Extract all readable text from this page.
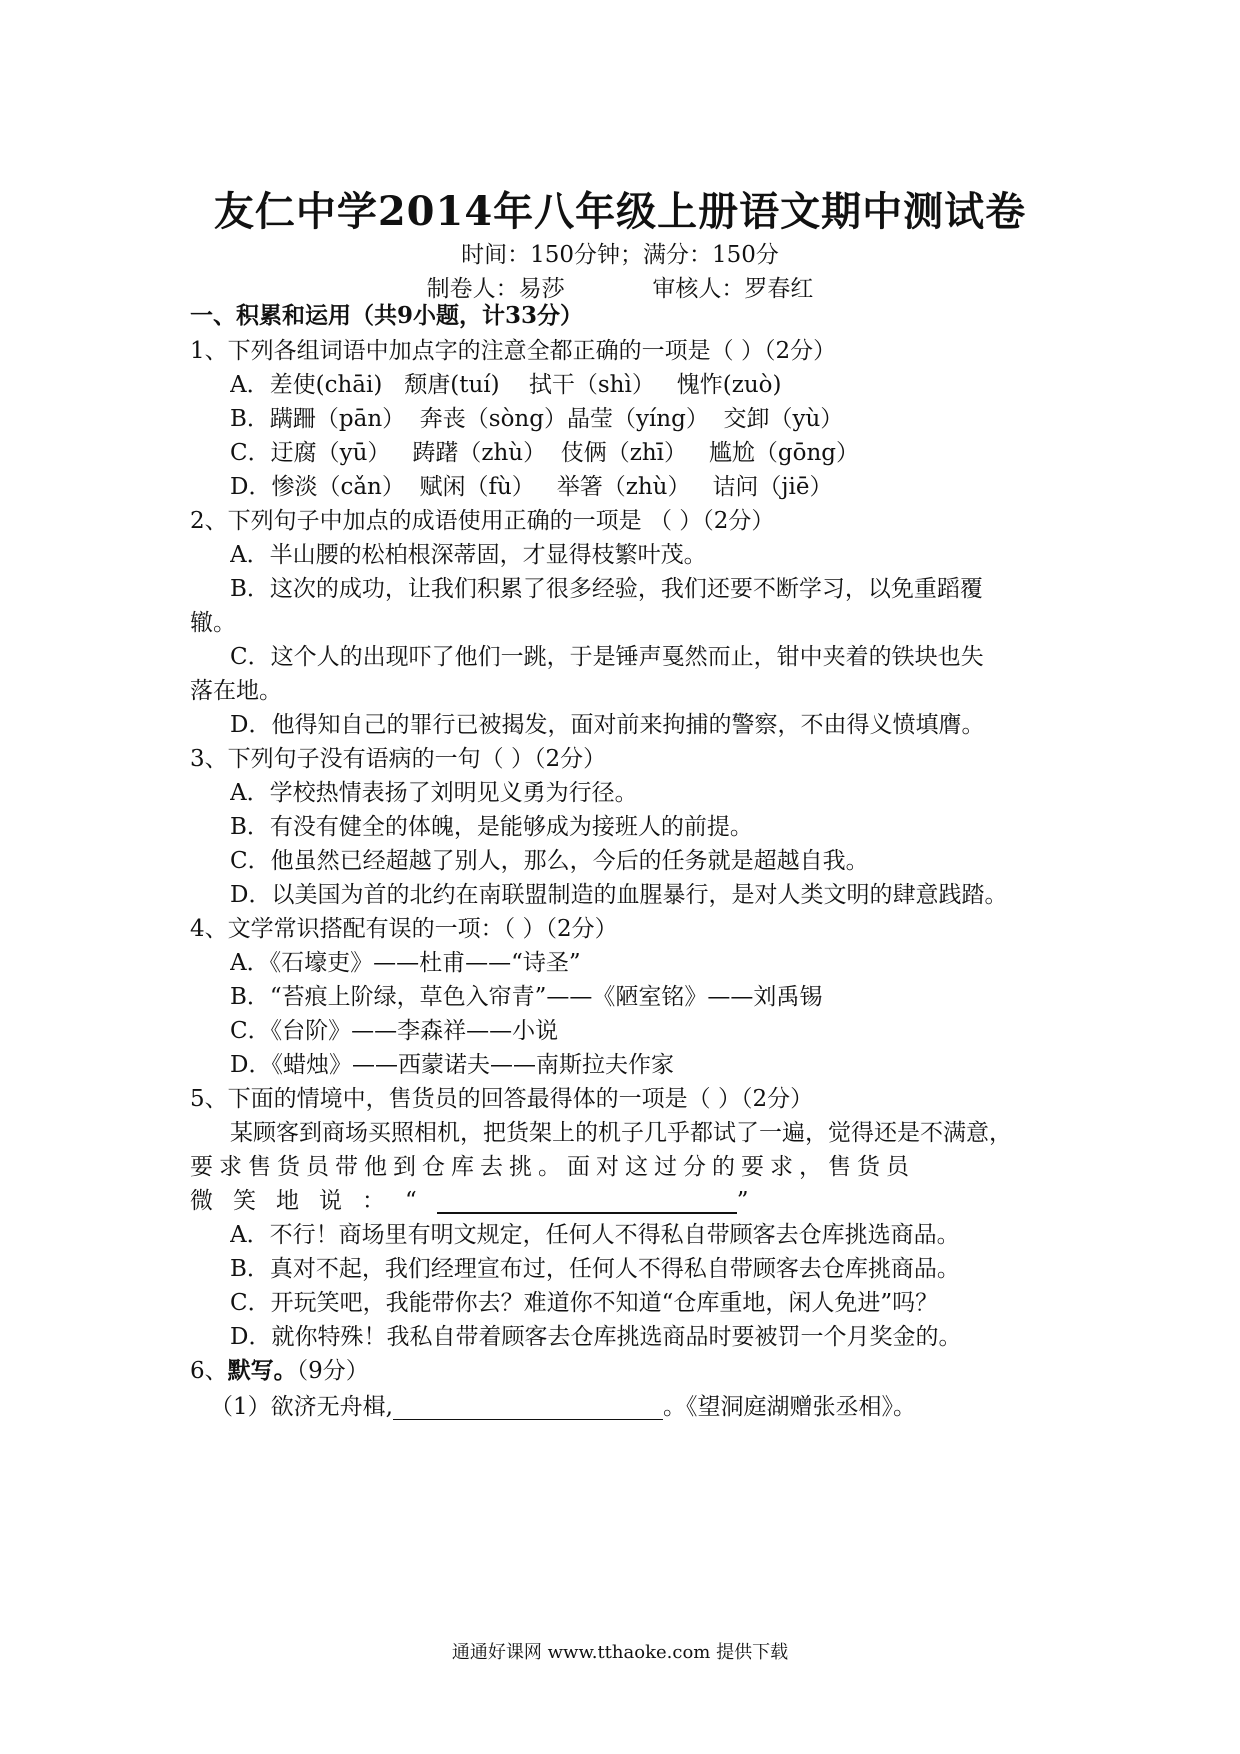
友仁中学2014年八年级上册语文期中测试卷
时间：150分钟；满分：150分
制卷人：易莎            审核人：罗春红
一、积累和运用（共9小题，计33分）
1、下列各组词语中加点字的注意全都正确的一项是（ ）（2分）
A．差使(chāi)   颓唐(tuí)    拭干（shì）   愧怍(zuò)
B．蹒跚（pān）  奔丧（sòng）晶莹（yíng）  交卸（yù）
C．迂腐（yū）   踌躇（zhù）  伎俩（zhī）   尴尬（gōng）
D．惨淡（cǎn）  赋闲（fù）   举箸（zhù）   诘问（jiē）
2、下列句子中加点的成语使用正确的一项是 （ ）（2分）
A．半山腰的松柏根深蒂固，才显得枝繁叶茂。
B．这次的成功，让我们积累了很多经验，我们还要不断学习，以免重蹈覆
辙。
C．这个人的出现吓了他们一跳，于是锤声戛然而止，钳中夹着的铁块也失
落在地。
D．他得知自己的罪行已被揭发，面对前来拘捕的警察，不由得义愤填膺。
3、下列句子没有语病的一句（ ）（2分）
A．学校热情表扬了刘明见义勇为行径。
B．有没有健全的体魄，是能够成为接班人的前提。
C．他虽然已经超越了别人，那么，今后的任务就是超越自我。
D．以美国为首的北约在南联盟制造的血腥暴行，是对人类文明的肆意践踏。
4、文学常识搭配有误的一项：（ ）（2分）
A．《石壕吏》——杜甫——“诗圣”
B．“苔痕上阶绿，草色入帘青”——《陋室铭》——刘禹锡
C．《台阶》——李森祥——小说
D．《蜡烛》——西蒙诺夫——南斯拉夫作家
5、下面的情境中，售货员的回答最得体的一项是（ ）（2分）
某顾客到商场买照相机，把货架上的机子几乎都试了一遍，觉得还是不满意，
要求售货员带他到仓库去挑。面对这过分的要求，售货员
微笑地说：“	”
A．不行！商场里有明文规定，任何人不得私自带顾客去仓库挑选商品。
B．真对不起，我们经理宣布过，任何人不得私自带顾客去仓库挑商品。
C．开玩笑吧，我能带你去？难道你不知道“仓库重地，闲人免进”吗？
D．就你特殊！我私自带着顾客去仓库挑选商品时要被罚一个月奖金的。
6、默写。（9分）
（1）欲济无舟楫,	。《望洞庭湖赠张丞相》。
通通好课网 www.tthaoke.com 提供下载
